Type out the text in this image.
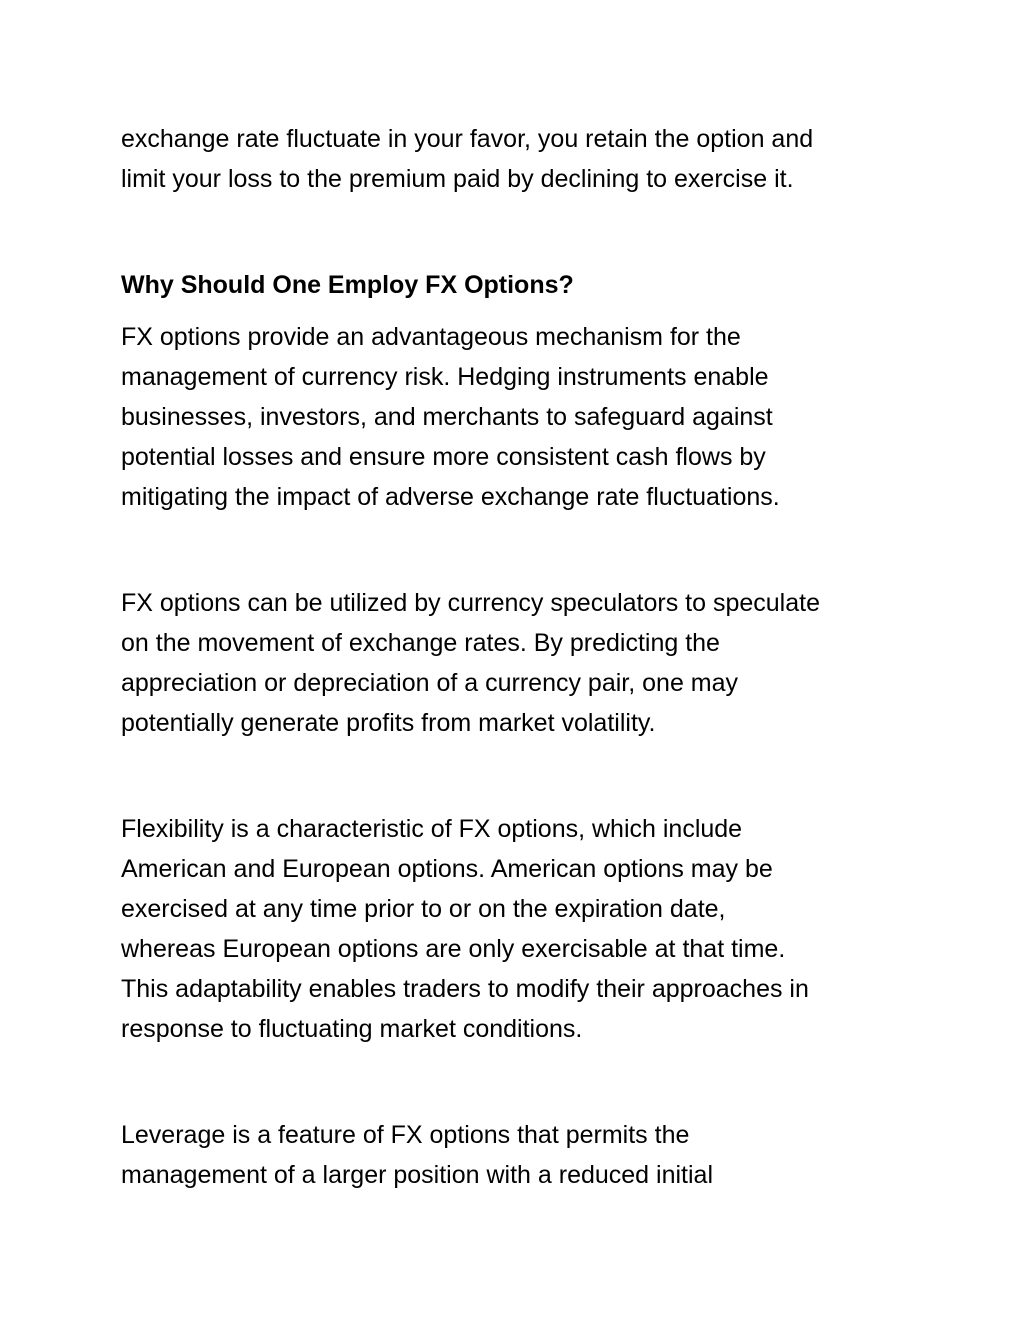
exchange rate fluctuate in your favor, you retain the option and
limit your loss to the premium paid by declining to exercise it.
Why Should One Employ FX Options?
FX options provide an advantageous mechanism for the
management of currency risk. Hedging instruments enable
businesses, investors, and merchants to safeguard against
potential losses and ensure more consistent cash flows by
mitigating the impact of adverse exchange rate fluctuations.
FX options can be utilized by currency speculators to speculate
on the movement of exchange rates. By predicting the
appreciation or depreciation of a currency pair, one may
potentially generate profits from market volatility.
Flexibility is a characteristic of FX options, which include
American and European options. American options may be
exercised at any time prior to or on the expiration date,
whereas European options are only exercisable at that time.
This adaptability enables traders to modify their approaches in
response to fluctuating market conditions.
Leverage is a feature of FX options that permits the
management of a larger position with a reduced initial
